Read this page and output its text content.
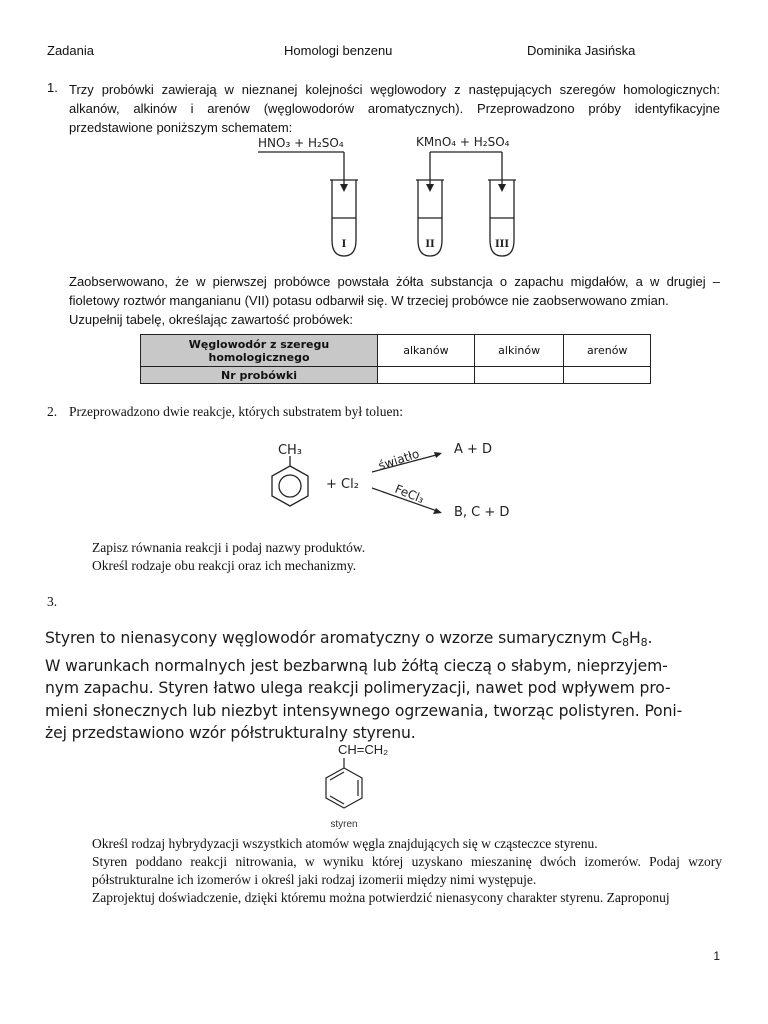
Zadania	Homologi benzenu	Dominika Jasińska
1. Trzy probówki zawierają w nieznanej kolejności węglowodory z następujących szeregów homologicznych: alkanów, alkinów i arenów (węglowodorów aromatycznych). Przeprowadzono próby identyfikacyjne przedstawione poniższym schematem:
HNO₃ + H₂SO₄	KMnO₄ + H₂SO₄
I	II	III
Zaobserwowano, że w pierwszej probówce powstała żółta substancja o zapachu migdałów, a w drugiej – fioletowy roztwór manganianu (VII) potasu odbarwił się. W trzeciej probówce nie zaobserwowano zmian.
Uzupełnij tabelę, określając zawartość probówek:
Węglowodór z szeregu homologicznego	alkanów	alkinów	arenów
Nr probówki			
2. Przeprowadzono dwie reakcje, których substratem był toluen:
CH₃
+ Cl₂
światło
FeCl₃
A + D
B, C + D
Zapisz równania reakcji i podaj nazwy produktów.
Określ rodzaje obu reakcji oraz ich mechanizmy.
3.
Styren to nienasycony węglowodór aromatyczny o wzorze sumarycznym $C_8H_8$.
W warunkach normalnych jest bezbarwną lub żółtą cieczą o słabym, nieprzyjem-
nym zapachu. Styren łatwo ulega reakcji polimeryzacji, nawet pod wpływem pro-
mieni słonecznych lub niezbyt intensywnego ogrzewania, tworząc polistyren. Poni-
żej przedstawiono wzór półstrukturalny styrenu.
CH=CH₂
styren
Określ rodzaj hybrydyzacji wszystkich atomów węgla znajdujących się w cząsteczce styrenu.
Styren poddano reakcji nitrowania, w wyniku której uzyskano mieszaninę dwóch izomerów. Podaj wzory półstrukturalne ich izomerów i określ jaki rodzaj izomerii między nimi występuje.
Zaprojektuj doświadczenie, dzięki któremu można potwierdzić nienasycony charakter styrenu. Zaproponuj
1
